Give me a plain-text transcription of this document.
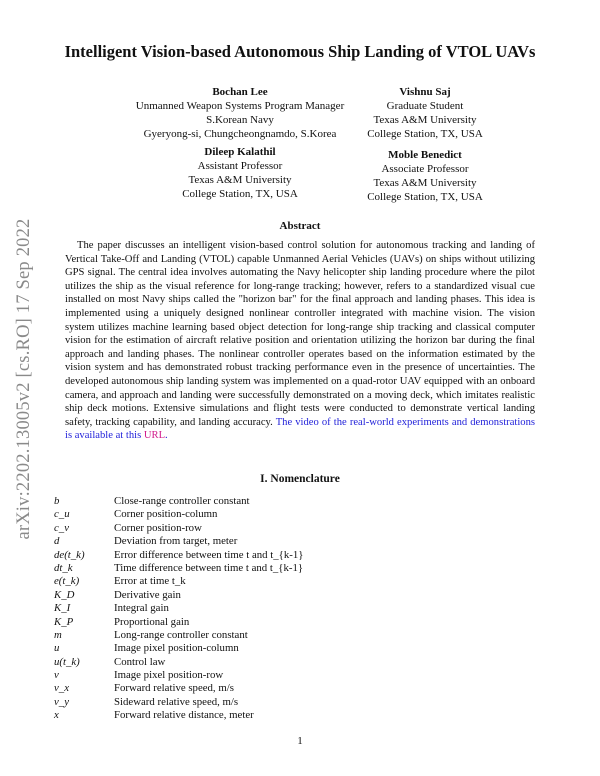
arXiv:2202.13005v2 [cs.RO] 17 Sep 2022
Intelligent Vision-based Autonomous Ship Landing of VTOL UAVs
Bochan Lee
Unmanned Weapon Systems Program Manager
S.Korean Navy
Gyeryong-si, Chungcheongnamdo, S.Korea
Vishnu Saj
Graduate Student
Texas A&M University
College Station, TX, USA
Dileep Kalathil
Assistant Professor
Texas A&M University
College Station, TX, USA
Moble Benedict
Associate Professor
Texas A&M University
College Station, TX, USA
Abstract

The paper discusses an intelligent vision-based control solution for autonomous tracking and landing of Vertical Take-Off and Landing (VTOL) capable Unmanned Aerial Vehicles (UAVs) on ships without utilizing GPS signal. The central idea involves automating the Navy helicopter ship landing procedure where the pilot utilizes the ship as the visual reference for long-range tracking; however, refers to a standardized visual cue installed on most Navy ships called the "horizon bar" for the final approach and landing phases. This idea is implemented using a uniquely designed nonlinear controller integrated with machine vision. The vision system utilizes machine learning based object detection for long-range ship tracking and classical computer vision for the estimation of aircraft relative position and orientation utilizing the horizon bar during the final approach and landing phases. The nonlinear controller operates based on the information estimated by the vision system and has demonstrated robust tracking performance even in the presence of uncertainties. The developed autonomous ship landing system was implemented on a quad-rotor UAV equipped with an onboard camera, and approach and landing were successfully demonstrated on a moving deck, which imitates realistic ship deck motions. Extensive simulations and flight tests were conducted to demonstrate vertical landing safety, tracking capability, and landing accuracy. The video of the real-world experiments and demonstrations is available at this URL.

I. Nomenclature
b	Close-range controller constant
c_u	Corner position-column
c_v	Corner position-row
d	Deviation from target, meter
de(t_k)	Error difference between time t and t_{k-1}
dt_k	Time difference between time t and t_{k-1}
e(t_k)	Error at time t_k
K_D	Derivative gain
K_I	Integral gain
K_P	Proportional gain
m	Long-range controller constant
u	Image pixel position-column
u(t_k)	Control law
v	Image pixel position-row
v_x	Forward relative speed, m/s
v_y	Sideward relative speed, m/s
x	Forward relative distance, meter
1
